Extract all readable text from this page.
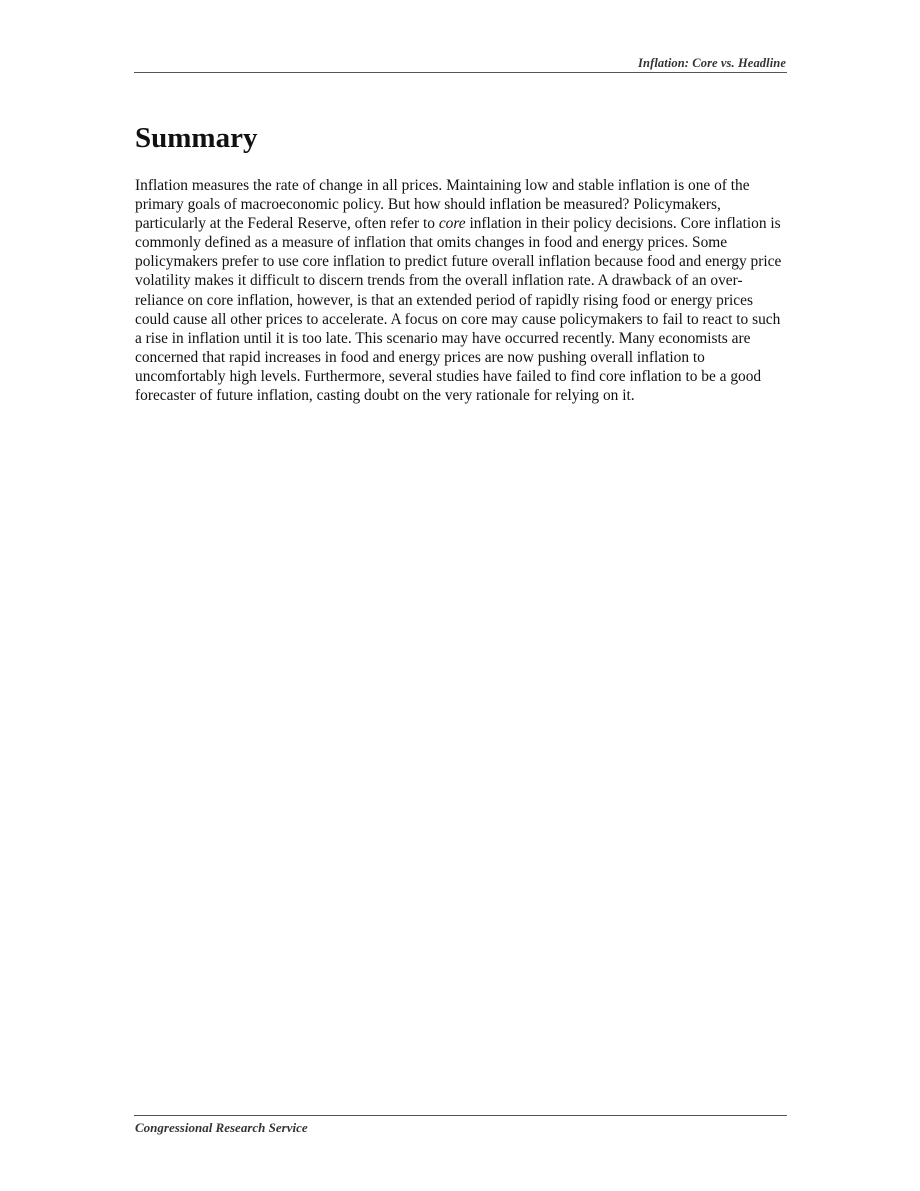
Inflation: Core vs. Headline
Summary

Inflation measures the rate of change in all prices. Maintaining low and stable inflation is one of the primary goals of macroeconomic policy. But how should inflation be measured? Policymakers, particularly at the Federal Reserve, often refer to core inflation in their policy decisions. Core inflation is commonly defined as a measure of inflation that omits changes in food and energy prices. Some policymakers prefer to use core inflation to predict future overall inflation because food and energy price volatility makes it difficult to discern trends from the overall inflation rate. A drawback of an over-reliance on core inflation, however, is that an extended period of rapidly rising food or energy prices could cause all other prices to accelerate. A focus on core may cause policymakers to fail to react to such a rise in inflation until it is too late. This scenario may have occurred recently. Many economists are concerned that rapid increases in food and energy prices are now pushing overall inflation to uncomfortably high levels. Furthermore, several studies have failed to find core inflation to be a good forecaster of future inflation, casting doubt on the very rationale for relying on it.

Congressional Research Service
